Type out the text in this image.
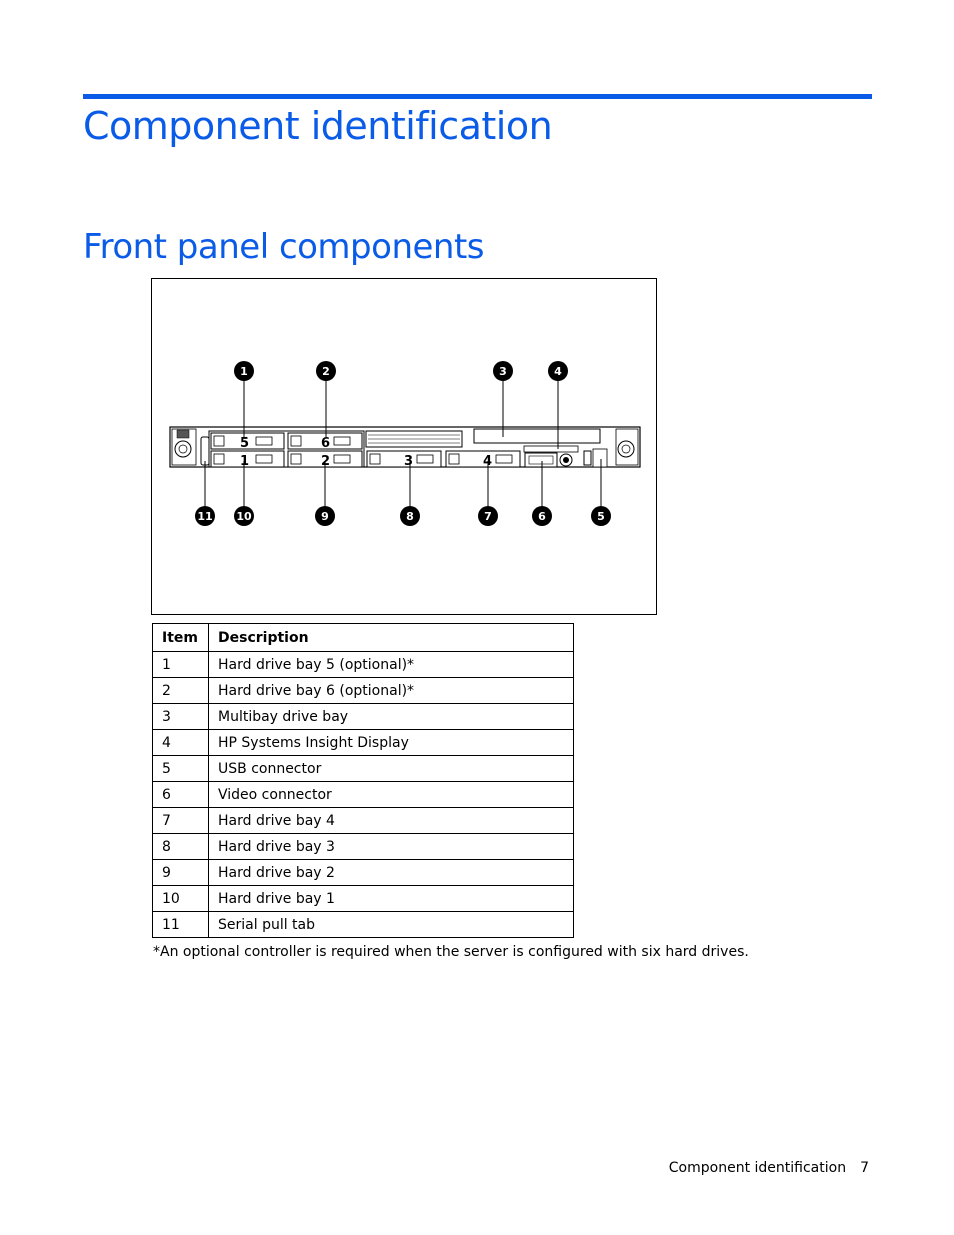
Component identification
Front panel components
5	6
1	2	3	4
1	2	3	4
5
6
7
8
9
10
11
Item	Description
1	Hard drive bay 5 (optional)*
2	Hard drive bay 6 (optional)*
3	Multibay drive bay
4	HP Systems Insight Display
5	USB connector
6	Video connector
7	Hard drive bay 4
8	Hard drive bay 3
9	Hard drive bay 2
10	Hard drive bay 1
11	Serial pull tab
*An optional controller is required when the server is configured with six hard drives.
Component identification 7
